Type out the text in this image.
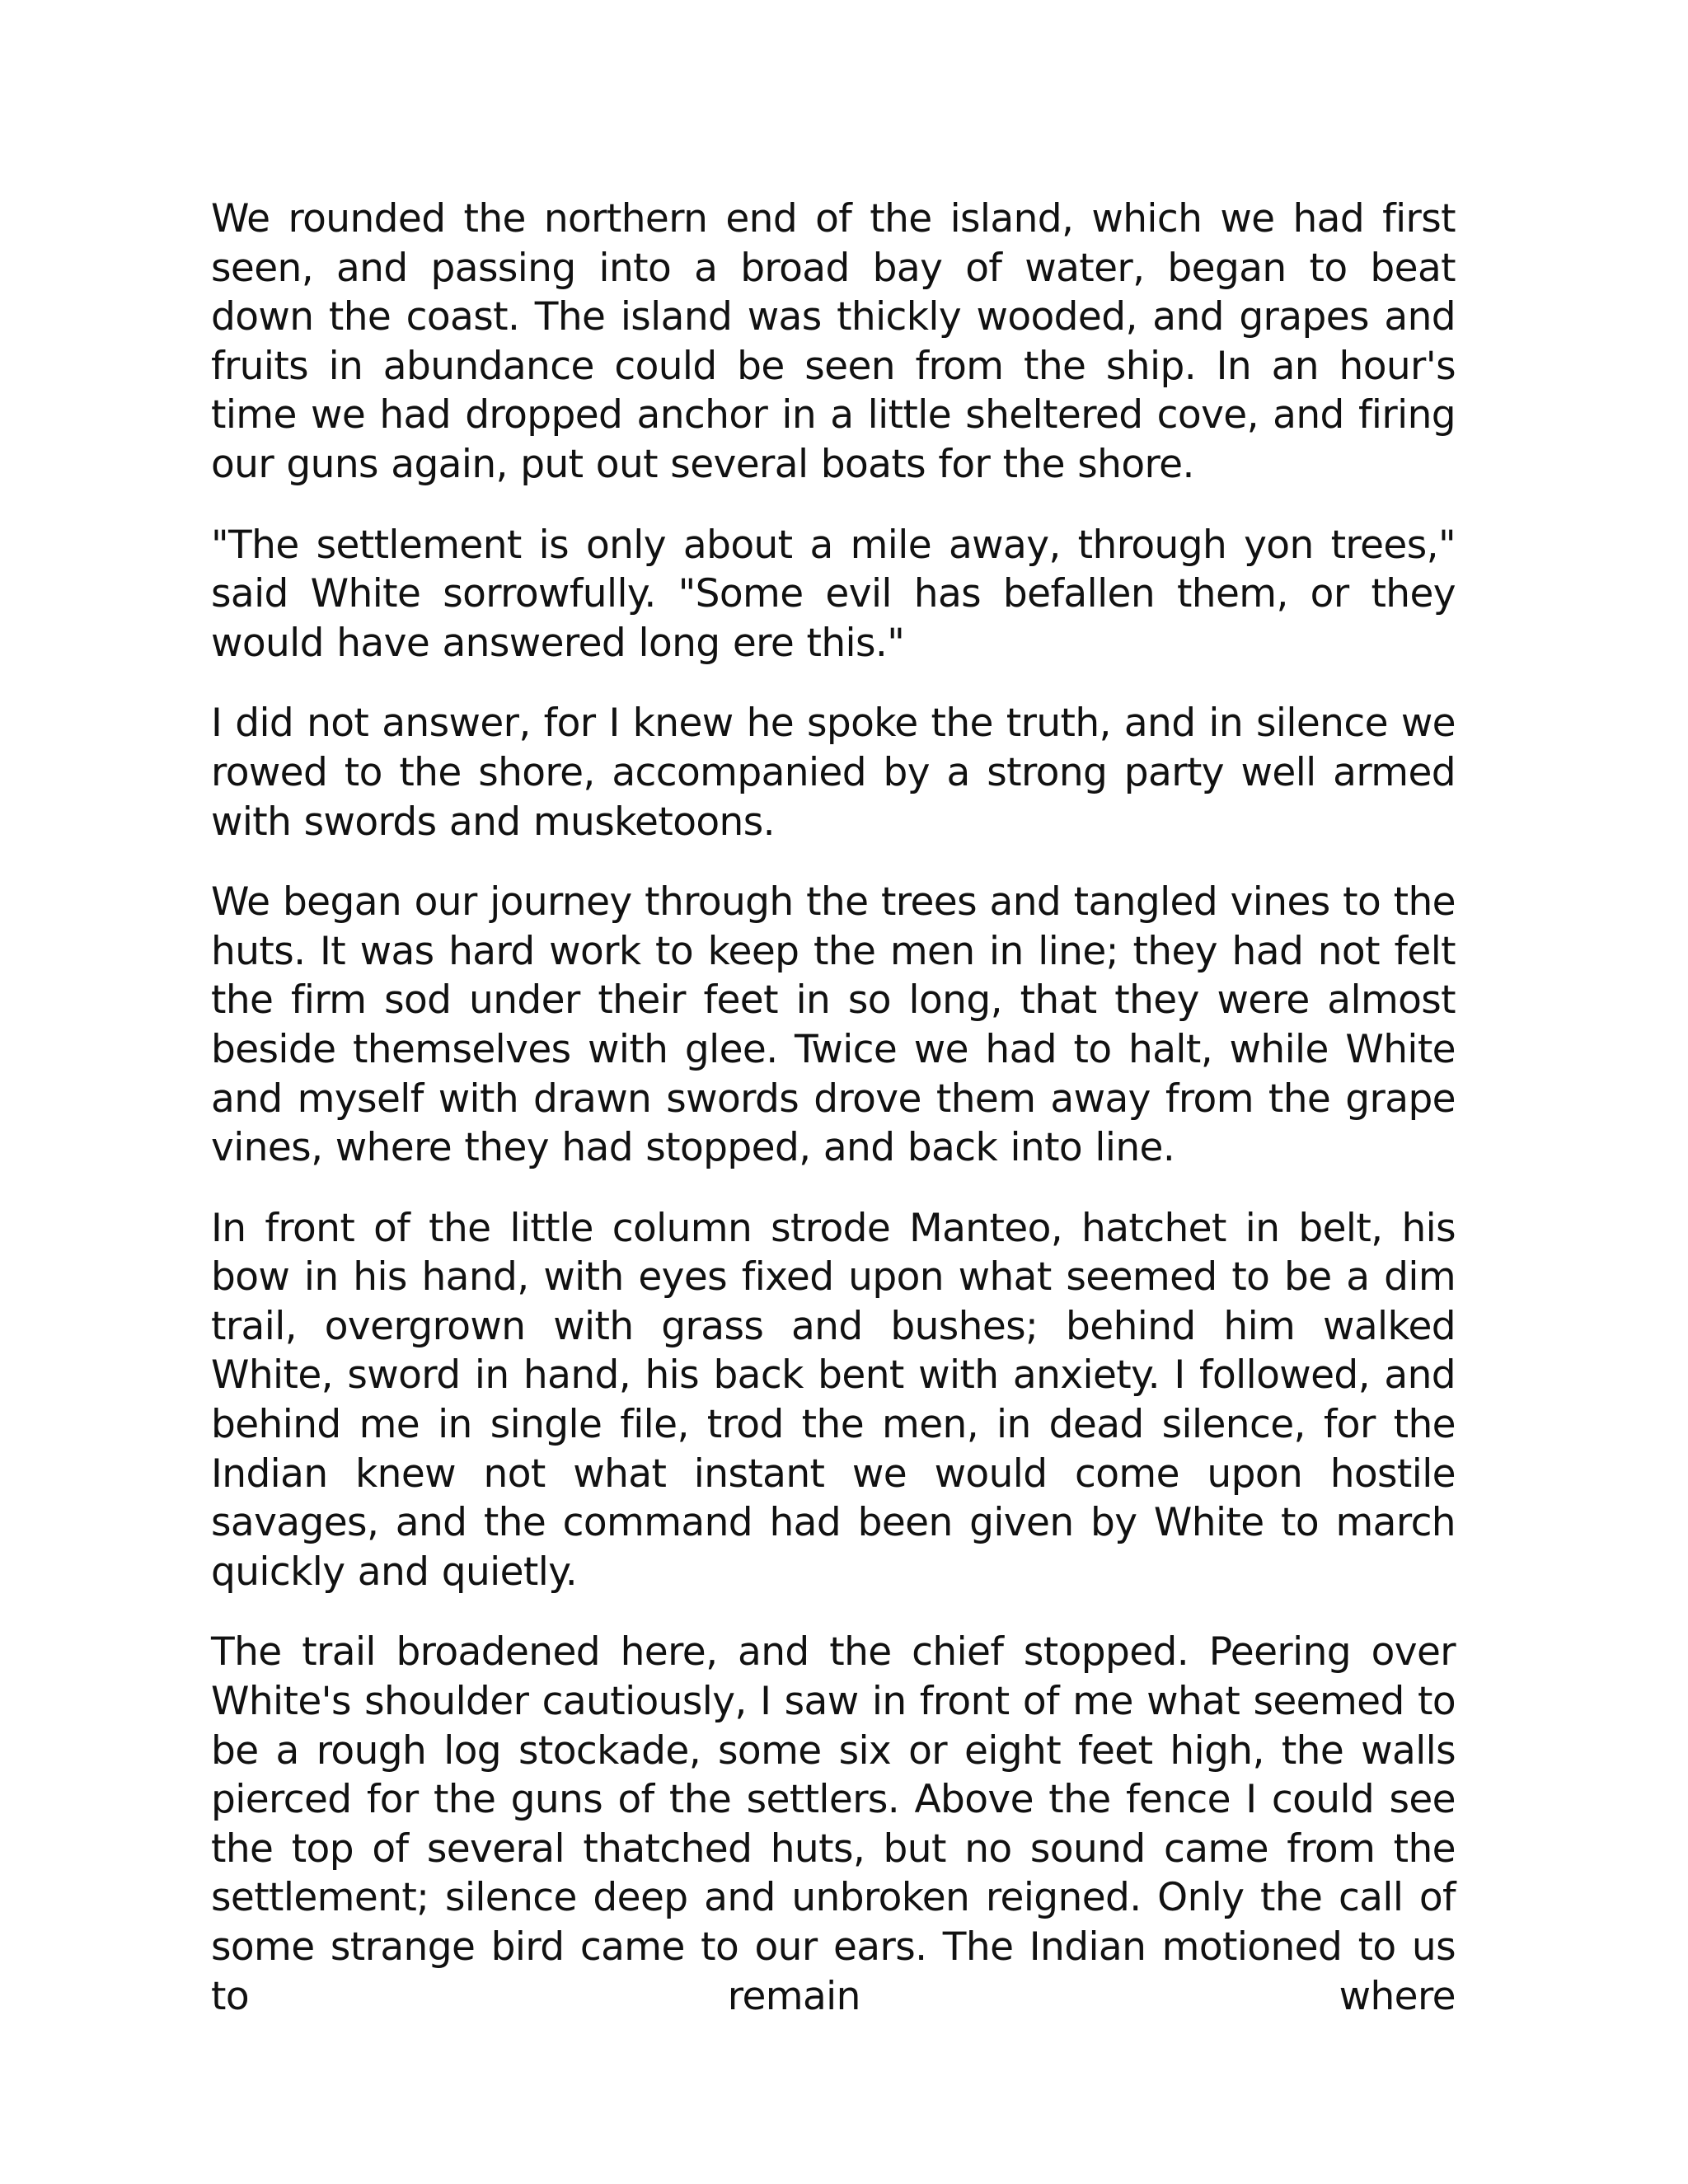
We rounded the northern end of the island, which we had first seen, and passing into a broad bay of water, began to beat down the coast. The island was thickly wooded, and grapes and fruits in abundance could be seen from the ship. In an hour's time we had dropped anchor in a little sheltered cove, and firing our guns again, put out several boats for the shore.

"The settlement is only about a mile away, through yon trees," said White sorrowfully. "Some evil has befallen them, or they would have answered long ere this."

I did not answer, for I knew he spoke the truth, and in silence we rowed to the shore, accompanied by a strong party well armed with swords and musketoons.

We began our journey through the trees and tangled vines to the huts. It was hard work to keep the men in line; they had not felt the firm sod under their feet in so long, that they were almost beside themselves with glee. Twice we had to halt, while White and myself with drawn swords drove them away from the grape vines, where they had stopped, and back into line.

In front of the little column strode Manteo, hatchet in belt, his bow in his hand, with eyes fixed upon what seemed to be a dim trail, overgrown with grass and bushes; behind him walked White, sword in hand, his back bent with anxiety. I followed, and behind me in single file, trod the men, in dead silence, for the Indian knew not what instant we would come upon hostile savages, and the command had been given by White to march quickly and quietly.

The trail broadened here, and the chief stopped. Peering over White's shoulder cautiously, I saw in front of me what seemed to be a rough log stockade, some six or eight feet high, the walls pierced for the guns of the settlers. Above the fence I could see the top of several thatched huts, but no sound came from the settlement; silence deep and unbroken reigned. Only the call of some strange bird came to our ears. The Indian motioned to us to remain where
